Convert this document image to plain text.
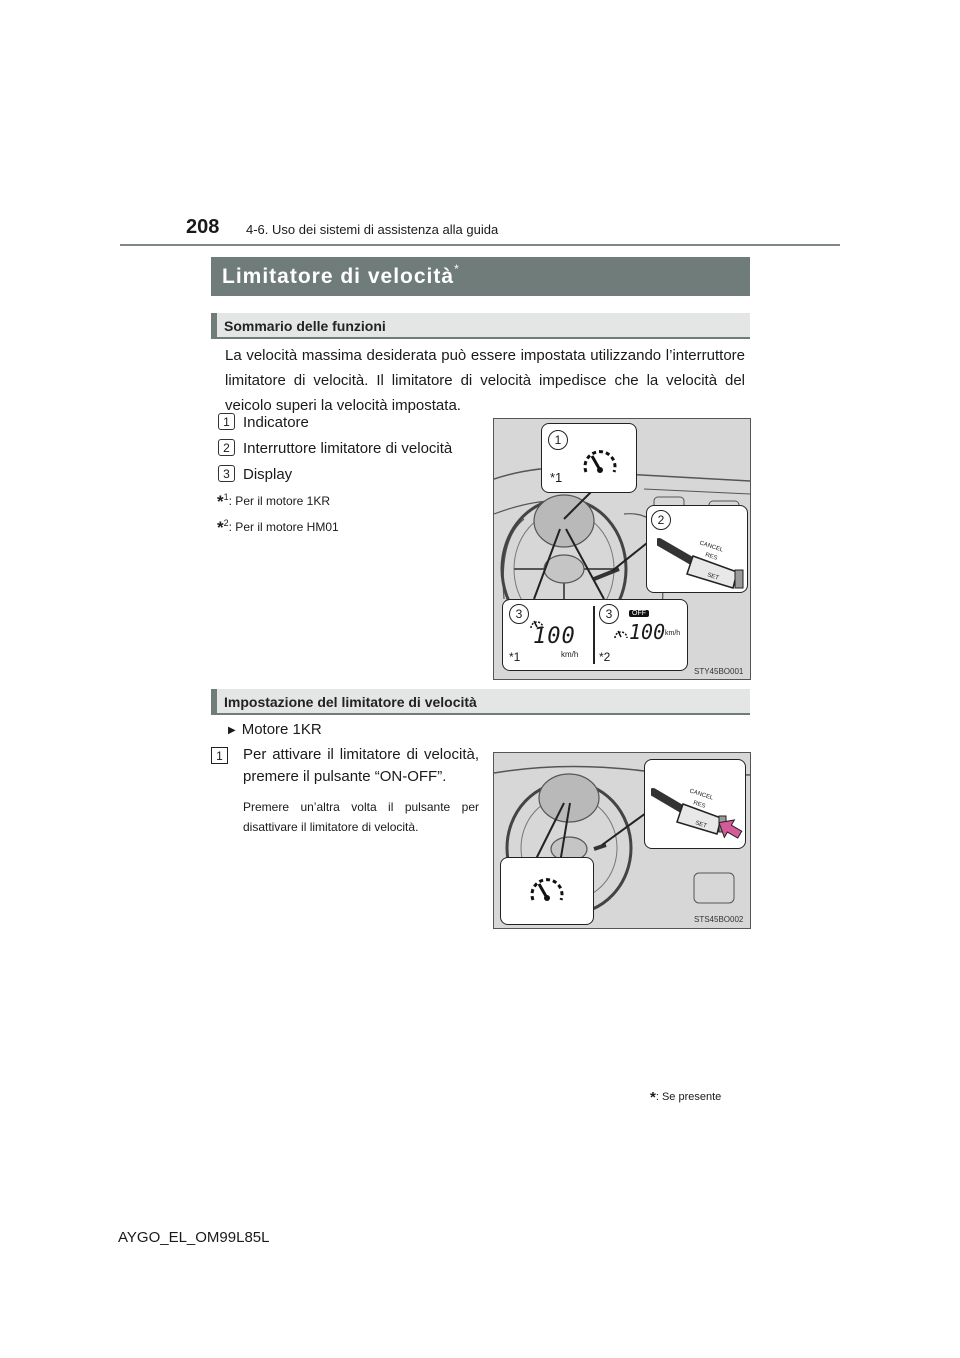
208 4-6. Uso dei sistemi di assistenza alla guida
Limitatore di velocità*
Sommario delle funzioni
La velocità massima desiderata può essere impostata utilizzando l’interruttore limitatore di velocità. Il limitatore di velocità impedisce che la velocità del veicolo superi la velocità impostata.
1 Indicatore
2 Interruttore limitatore di velocità
3 Display
*$^1$: Per il motore 1KR
*$^2$: Per il motore HM01
1
*1
2
CANCEL
RES
SET
3
100
km/h
*1
3	OFF
100 km/h
*2
STY45BO001
Impostazione del limitatore di velocità
▶ Motore 1KR
1	Per attivare il limitatore di velocità, premere il pulsante “ON-OFF”.
Premere un’altra volta il pulsante per disattivare il limitatore di velocità.
CANCEL
RES
SET
STS45BO002
*: Se presente
AYGO_EL_OM99L85L
